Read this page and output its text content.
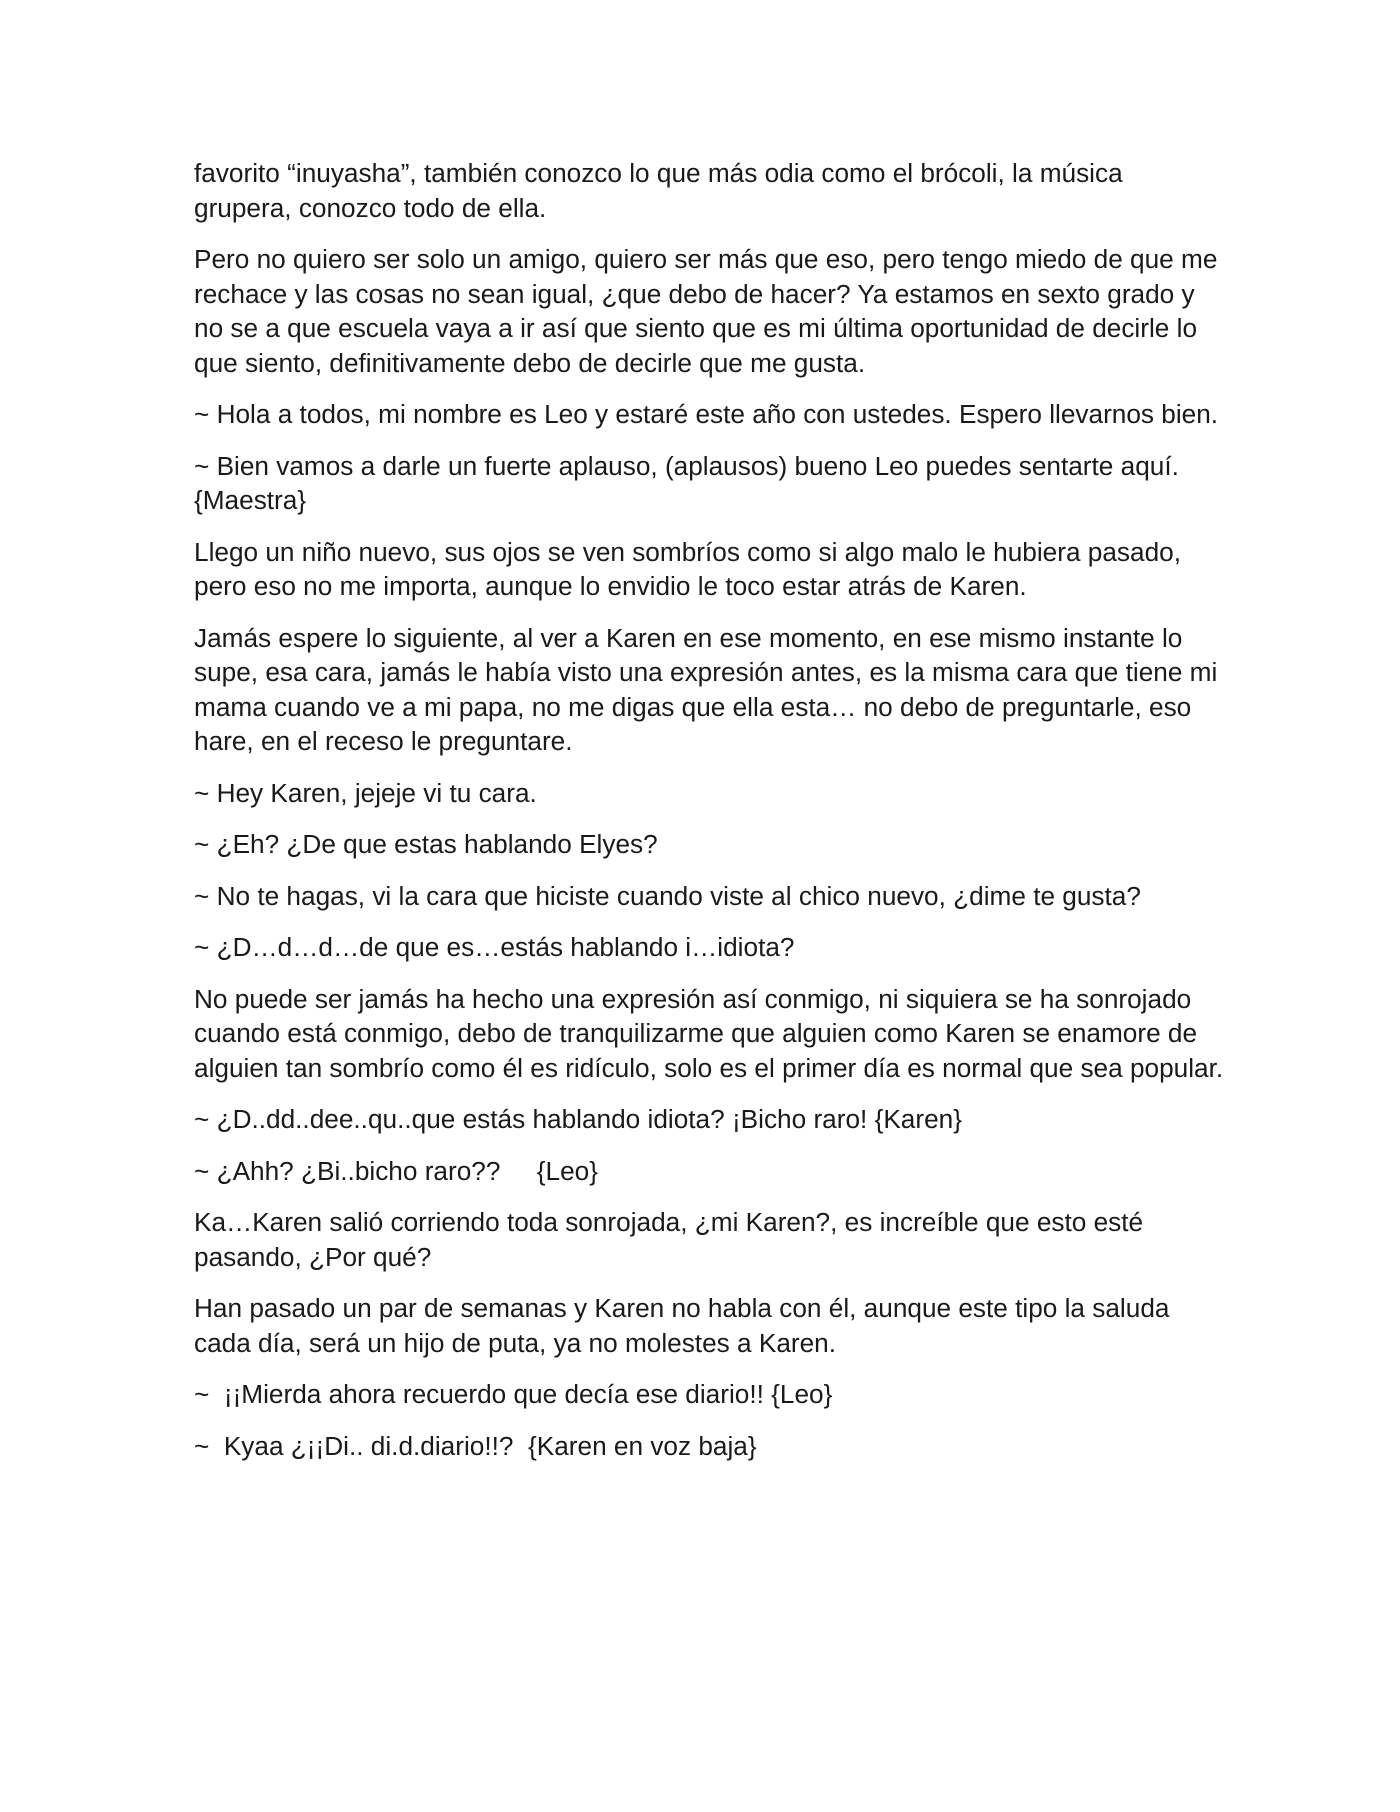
favorito “inuyasha”, también conozco lo que más odia como el brócoli, la música grupera, conozco todo de ella.

Pero no quiero ser solo un amigo, quiero ser más que eso, pero tengo miedo de que me rechace y las cosas no sean igual, ¿que debo de hacer? Ya estamos en sexto grado y no se a que escuela vaya a ir así que siento que es mi última oportunidad de decirle lo que siento, definitivamente debo de decirle que me gusta.

~ Hola a todos, mi nombre es Leo y estaré este año con ustedes. Espero llevarnos bien.

~ Bien vamos a darle un fuerte aplauso, (aplausos) bueno Leo puedes sentarte aquí. {Maestra}

Llego un niño nuevo, sus ojos se ven sombríos como si algo malo le hubiera pasado, pero eso no me importa, aunque lo envidio le toco estar atrás de Karen.

Jamás espere lo siguiente, al ver a Karen en ese momento, en ese mismo instante lo supe, esa cara, jamás le había visto una expresión antes, es la misma cara que tiene mi mama cuando ve a mi papa, no me digas que ella esta… no debo de preguntarle, eso hare, en el receso le preguntare.

~ Hey Karen, jejeje vi tu cara.

~ ¿Eh? ¿De que estas hablando Elyes?

~ No te hagas, vi la cara que hiciste cuando viste al chico nuevo, ¿dime te gusta?

~ ¿D…d…d…de que es…estás hablando i…idiota?

No puede ser jamás ha hecho una expresión así conmigo, ni siquiera se ha sonrojado cuando está conmigo, debo de tranquilizarme que alguien como Karen se enamore de alguien tan sombrío como él es ridículo, solo es el primer día es normal que sea popular.

~ ¿D..dd..dee..qu..que estás hablando idiota? ¡Bicho raro! {Karen}

~ ¿Ahh? ¿Bi..bicho raro??     {Leo}

Ka…Karen salió corriendo toda sonrojada, ¿mi Karen?, es increíble que esto esté pasando, ¿Por qué?

Han pasado un par de semanas y Karen no habla con él, aunque este tipo la saluda cada día, será un hijo de puta, ya no molestes a Karen.

~  ¡¡Mierda ahora recuerdo que decía ese diario!! {Leo}

~  Kyaa ¿¡¡Di.. di.d.diario!!?  {Karen en voz baja}
